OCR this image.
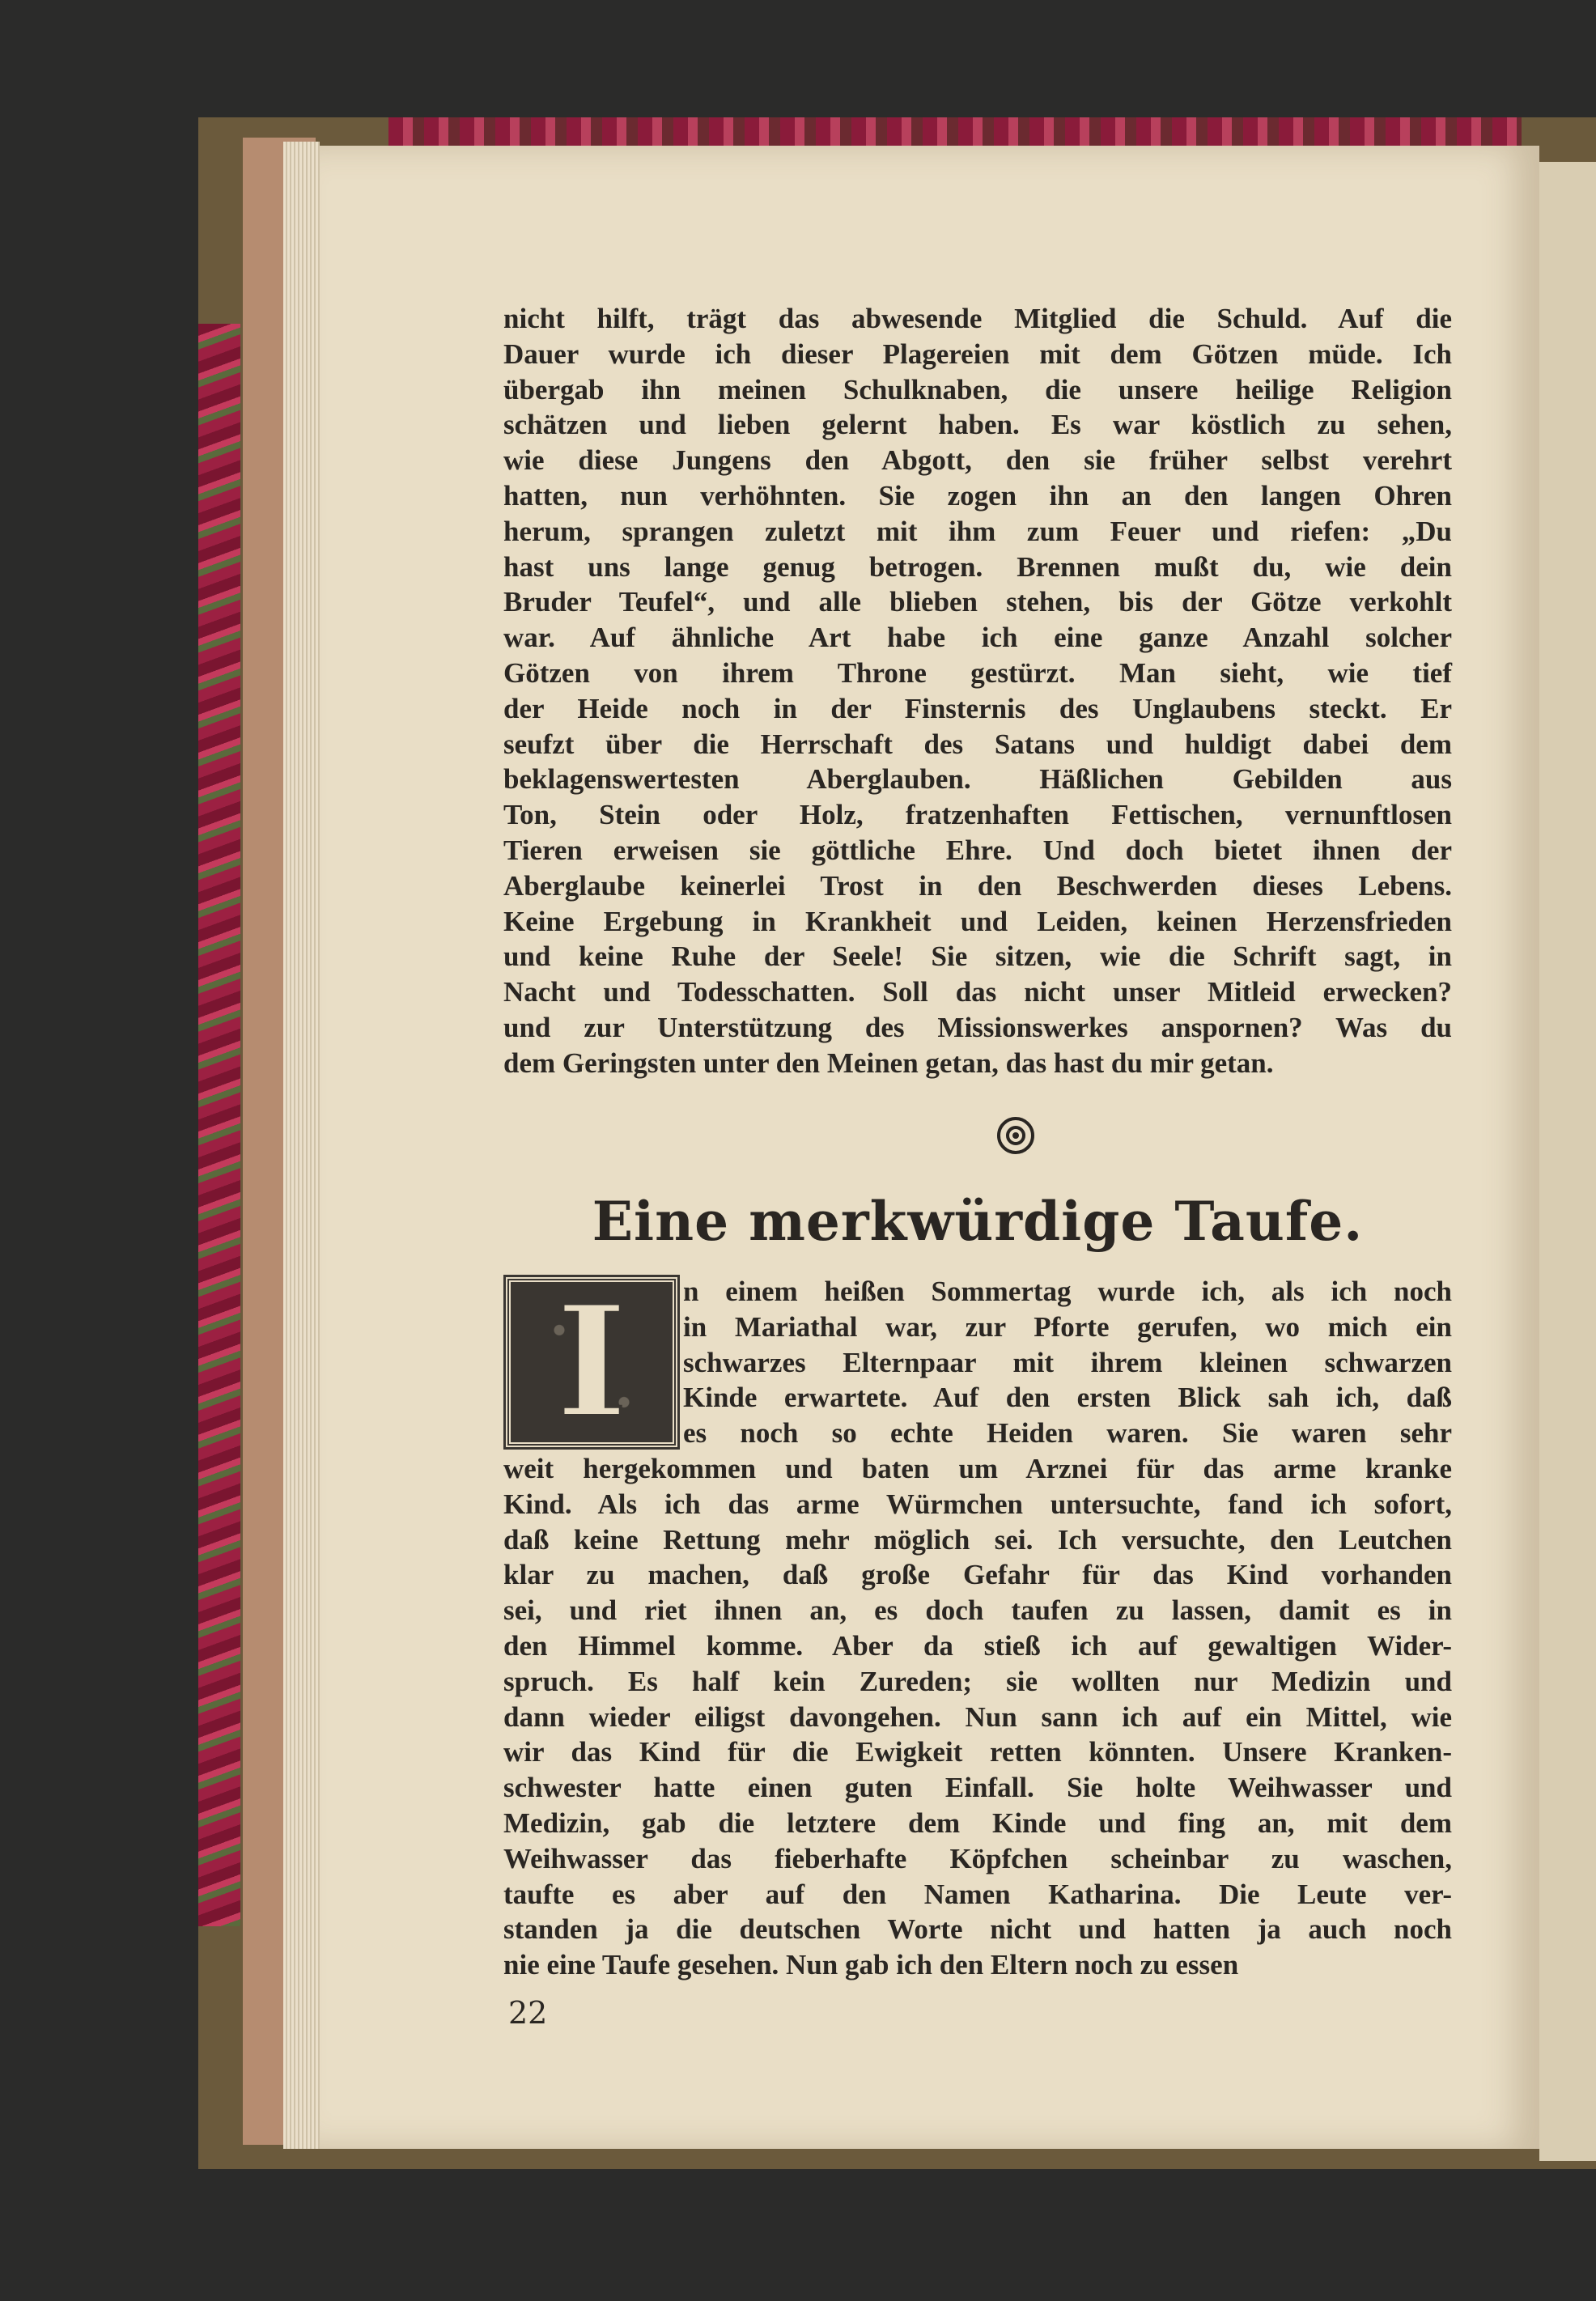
nicht hilft, trägt das abwesende Mitglied die Schuld. Auf die
Dauer wurde ich dieser Plagereien mit dem Götzen müde. Ich
übergab ihn meinen Schulknaben, die unsere heilige Religion
schätzen und lieben gelernt haben. Es war köstlich zu sehen,
wie diese Jungens den Abgott, den sie früher selbst verehrt
hatten, nun verhöhnten. Sie zogen ihn an den langen Ohren
herum, sprangen zuletzt mit ihm zum Feuer und riefen: „Du
hast uns lange genug betrogen. Brennen mußt du, wie dein
Bruder Teufel“, und alle blieben stehen, bis der Götze verkohlt
war. Auf ähnliche Art habe ich eine ganze Anzahl solcher
Götzen von ihrem Throne gestürzt. Man sieht, wie tief
der Heide noch in der Finsternis des Unglaubens steckt. Er
seufzt über die Herrschaft des Satans und huldigt dabei dem
beklagenswertesten Aberglauben. Häßlichen Gebilden aus
Ton, Stein oder Holz, fratzenhaften Fettischen, vernunftlosen
Tieren erweisen sie göttliche Ehre. Und doch bietet ihnen der
Aberglaube keinerlei Trost in den Beschwerden dieses Lebens.
Keine Ergebung in Krankheit und Leiden, keinen Herzensfrieden
und keine Ruhe der Seele! Sie sitzen, wie die Schrift sagt, in
Nacht und Todesschatten. Soll das nicht unser Mitleid erwecken?
und zur Unterstützung des Missionswerkes anspornen? Was du
dem Geringsten unter den Meinen getan, das hast du mir getan.
Eine merkwürdige Taufe.
I n einem heißen Sommertag wurde ich, als ich noch
in Mariathal war, zur Pforte gerufen, wo mich ein
schwarzes Elternpaar mit ihrem kleinen schwarzen
Kinde erwartete. Auf den ersten Blick sah ich, daß
es noch so echte Heiden waren. Sie waren sehr
weit hergekommen und baten um Arznei für das arme kranke
Kind. Als ich das arme Würmchen untersuchte, fand ich sofort,
daß keine Rettung mehr möglich sei. Ich versuchte, den Leutchen
klar zu machen, daß große Gefahr für das Kind vorhanden
sei, und riet ihnen an, es doch taufen zu lassen, damit es in
den Himmel komme. Aber da stieß ich auf gewaltigen Wider-
spruch. Es half kein Zureden; sie wollten nur Medizin und
dann wieder eiligst davongehen. Nun sann ich auf ein Mittel, wie
wir das Kind für die Ewigkeit retten könnten. Unsere Kranken-
schwester hatte einen guten Einfall. Sie holte Weihwasser und
Medizin, gab die letztere dem Kinde und fing an, mit dem
Weihwasser das fieberhafte Köpfchen scheinbar zu waschen,
taufte es aber auf den Namen Katharina. Die Leute ver-
standen ja die deutschen Worte nicht und hatten ja auch noch
nie eine Taufe gesehen. Nun gab ich den Eltern noch zu essen
22
